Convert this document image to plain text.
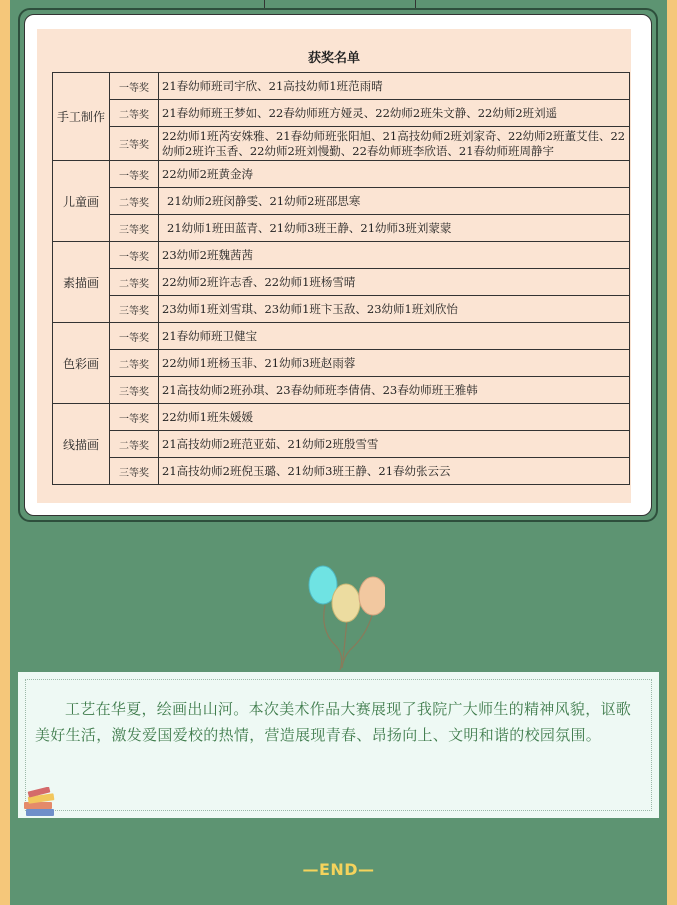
获奖名单
手工制作	一等奖	21春幼师班司宇欣、21高技幼师1班范雨晴
	二等奖	21春幼师班王梦如、22春幼师班方娅灵、22幼师2班朱文静、22幼师2班刘遥
	三等奖	22幼师1班芮安姝雅、21春幼师班张阳旭、21高技幼师2班刘家奇、22幼师2班董艾佳、22幼师2班许玉香、22幼师2班刘慢勤、22春幼师班李欣语、21春幼师班周静宇
儿童画	一等奖	22幼师2班黄金涛
	二等奖	21幼师2班闵静雯、21幼师2班邵思寒
	三等奖	21幼师1班田蓝青、21幼师3班王静、21幼师3班刘蒙蒙
素描画	一等奖	23幼师2班魏茜茜
	二等奖	22幼师2班许志香、22幼师1班杨雪晴
	三等奖	23幼师1班刘雪琪、23幼师1班卞玉敌、23幼师1班刘欣怡
色彩画	一等奖	21春幼师班卫健宝
	二等奖	22幼师1班杨玉菲、21幼师3班赵雨蓉
	三等奖	21高技幼师2班孙琪、23春幼师班李倩倩、23春幼师班王雅韩
线描画	一等奖	22幼师1班朱媛媛
	二等奖	21高技幼师2班范亚茹、21幼师2班殷雪雪
	三等奖	21高技幼师2班倪玉璐、21幼师3班王静、21春幼张云云
工艺在华夏，绘画出山河。本次美术作品大赛展现了我院广大师生的精神风貌，讴歌美好生活，激发爱国爱校的热情，营造展现青春、昂扬向上、文明和谐的校园氛围。
—END—
